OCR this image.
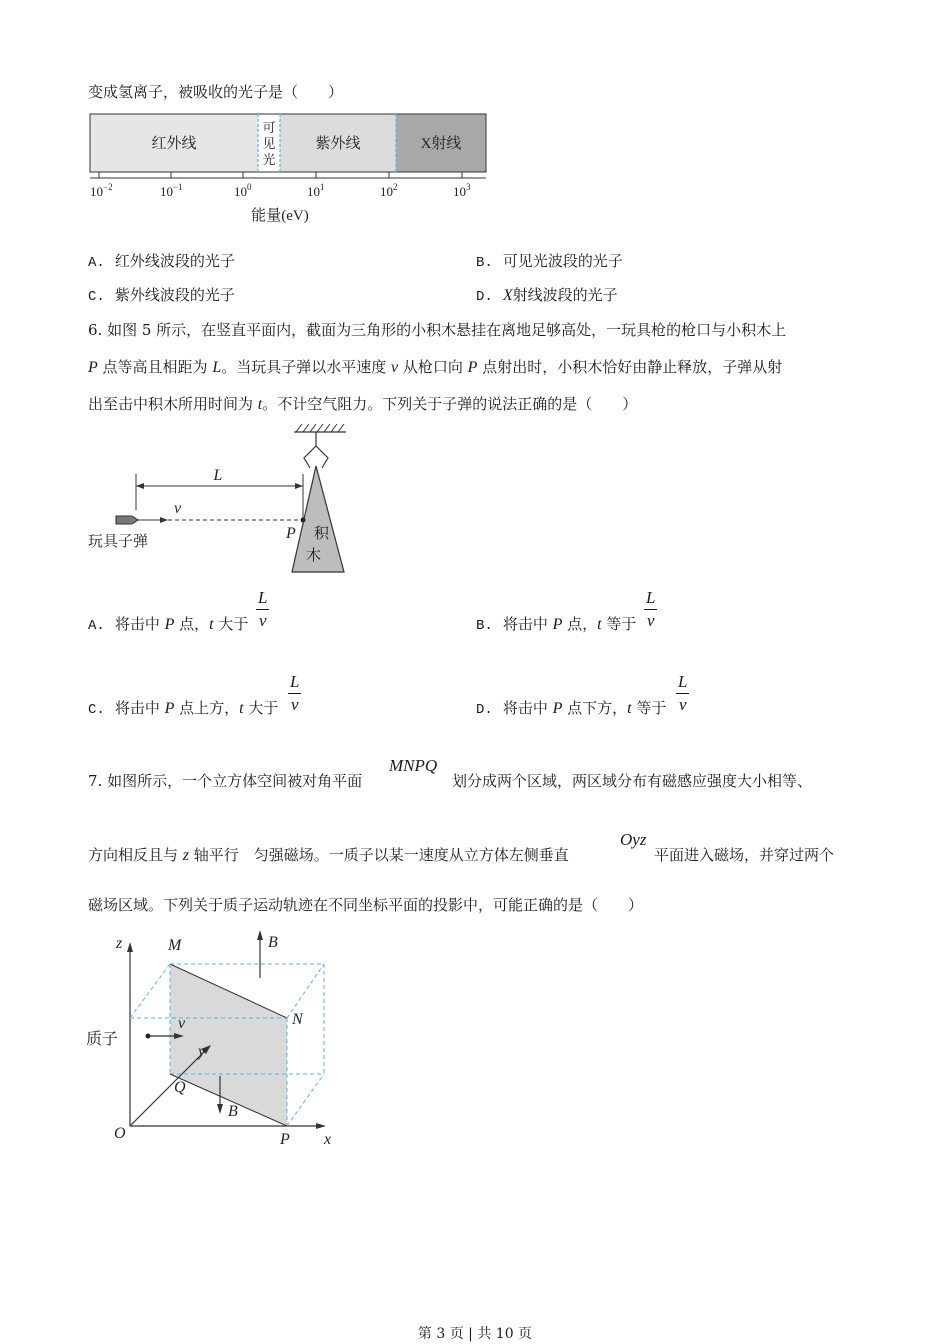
变成氢离子，被吸收的光子是（　　）
红外线
可
见
光
紫外线	X射线
$10^{-2}$	$10^{-1}$	$10^0$	$10^1$	$10^2$	$10^3$
能量(eV)
A. 红外线波段的光子	B. 可见光波段的光子
C. 紫外线波段的光子	D. X射线波段的光子
6. 如图 5 所示，在竖直平面内，截面为三角形的小积木悬挂在离地足够高处，一玩具枪的枪口与小积木上
P 点等高且相距为 L。当玩具子弹以水平速度 v 从枪口向 P 点射出时，小积木恰好由静止释放，子弹从射
出至击中积木所用时间为 t。不计空气阻力。下列关于子弹的说法正确的是（　　）
积
木
L
v
P
玩具子弹
A. 将击中 P 点，t 大于 $\frac{L}{v}$	B. 将击中 P 点，t 等于 $\frac{L}{v}$
C. 将击中 P 点上方，t 大于 $\frac{L}{v}$	D. 将击中 P 点下方，t 等于 $\frac{L}{v}$
7. 如图所示，一个立方体空间被对角平面
MNPQ
划分成两个区域，两区域分布有磁感应强度大小相等、
方向相反且与 z 轴平行　匀强磁场。一质子以某一速度从立方体左侧垂直
Oyz
平面进入磁场，并穿过两个
磁场区域。下列关于质子运动轨迹在不同坐标平面的投影中，可能正确的是（　　）
B
B
v
质子
z	M
N
y
Q
O	P x
第 3 页 | 共 10 页
